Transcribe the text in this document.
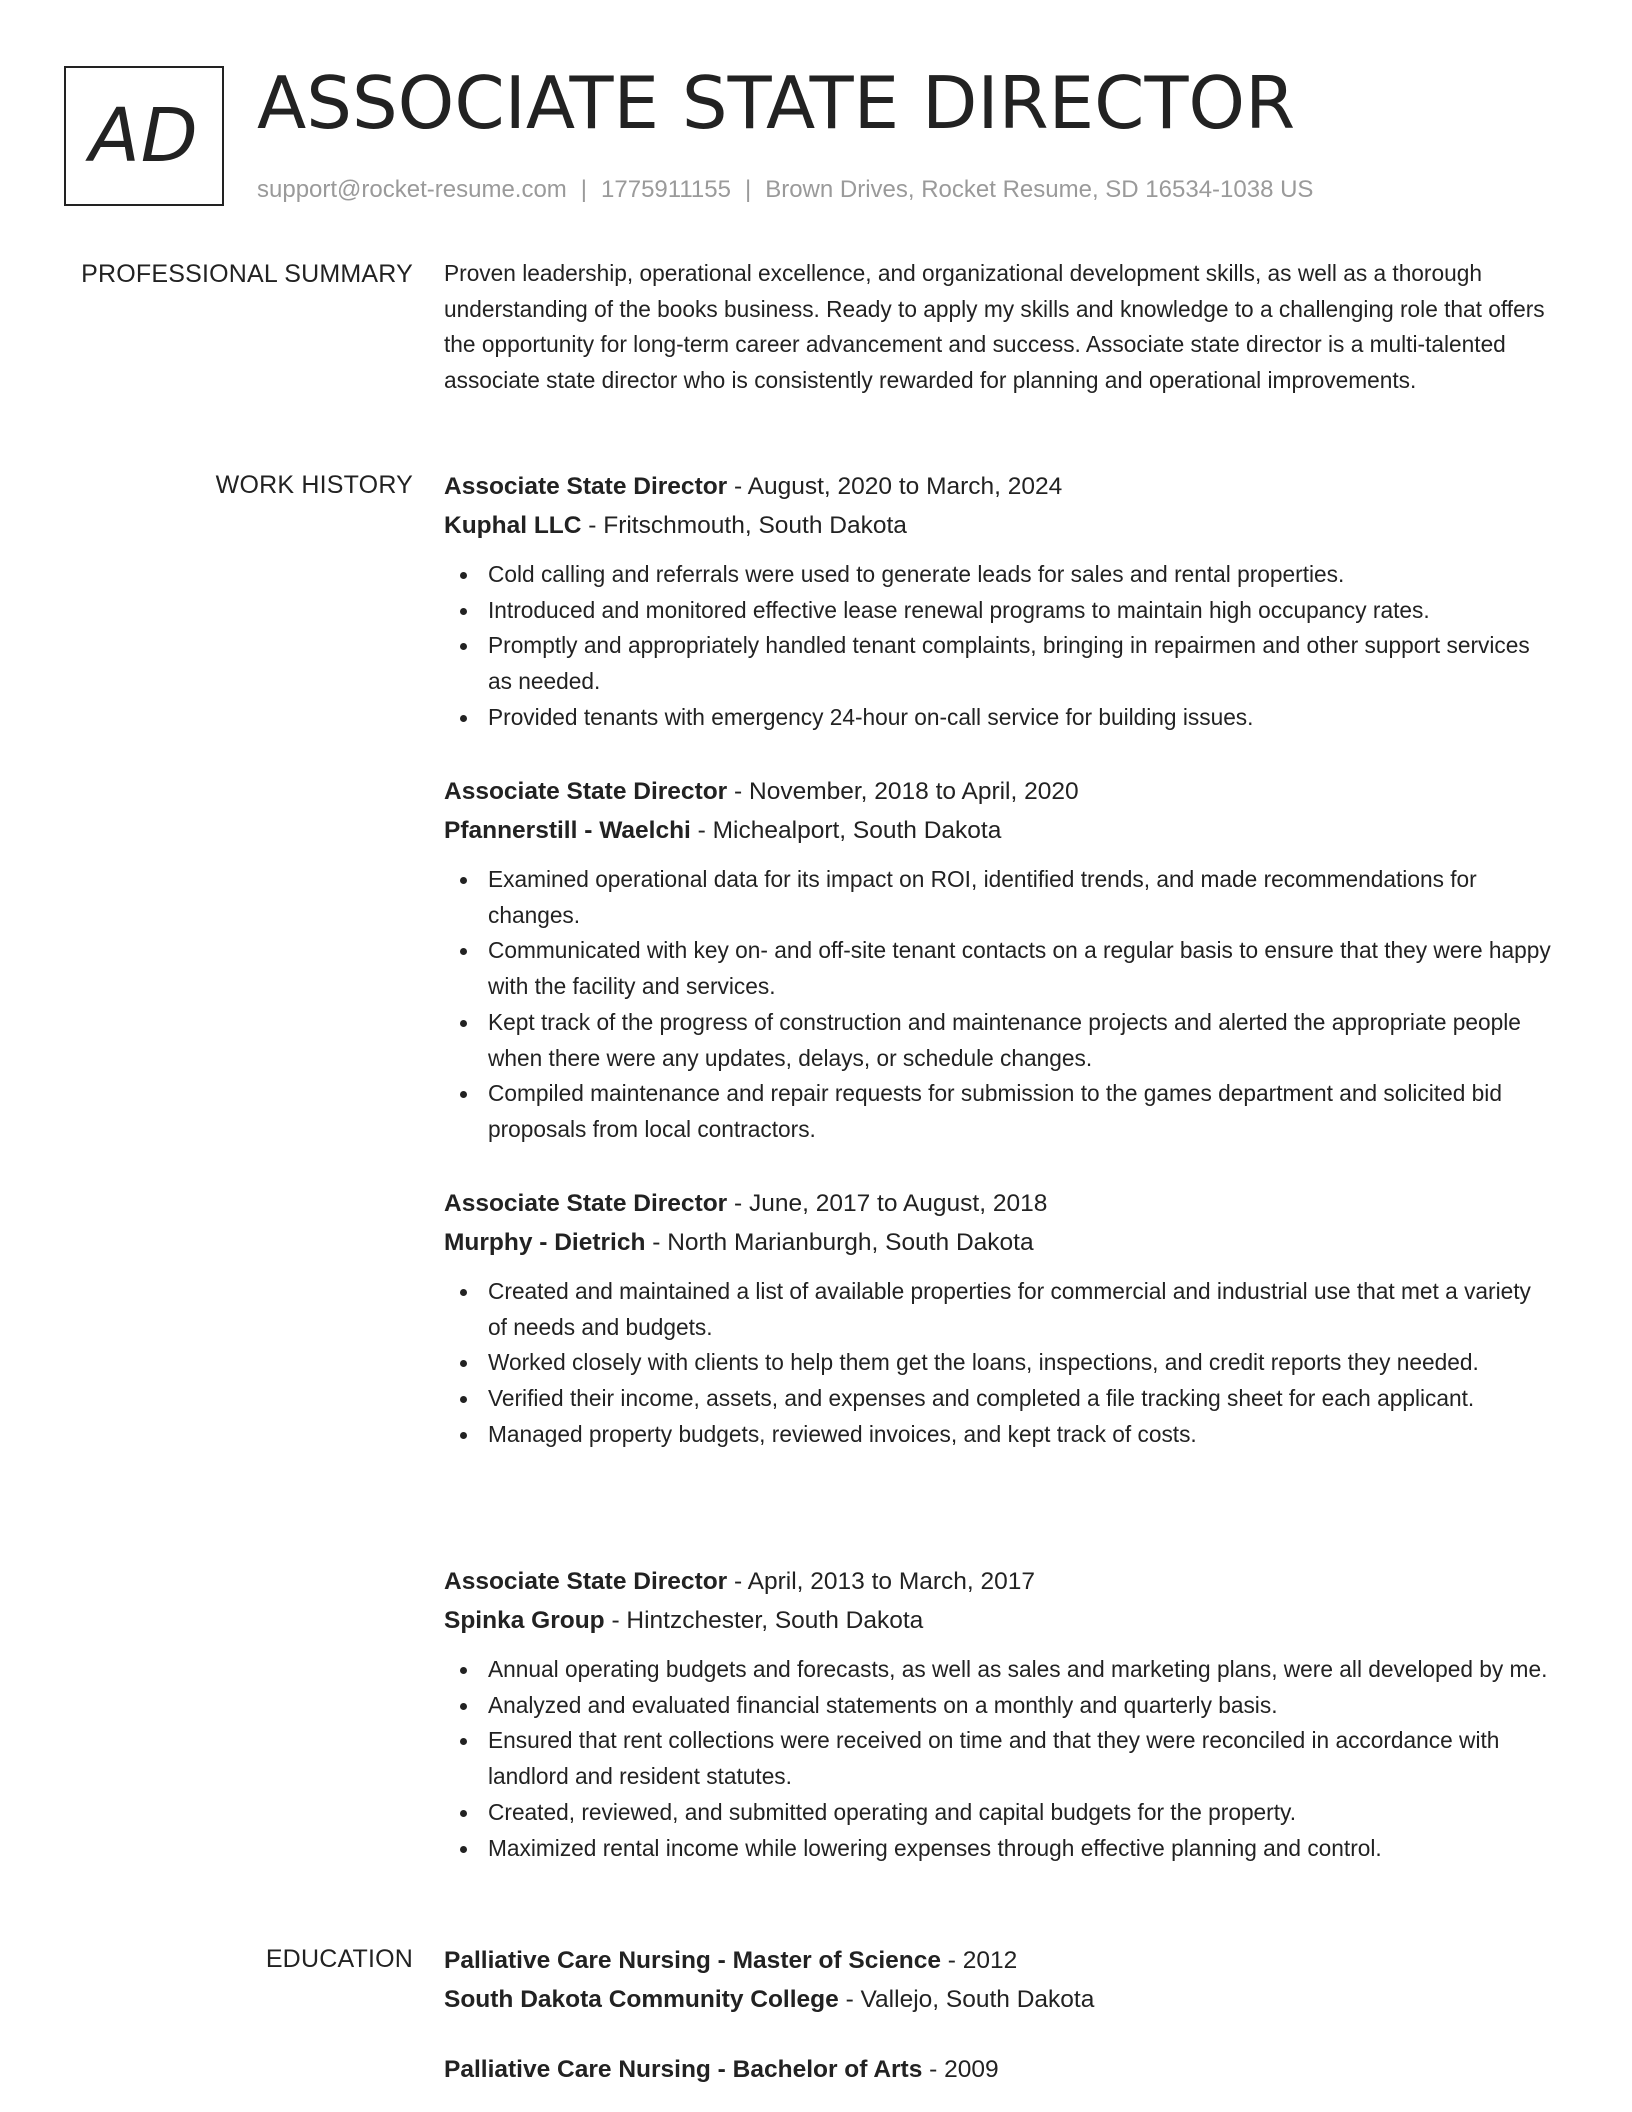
AD ASSOCIATE STATE DIRECTOR
support@rocket-resume.com | 1775911155 | Brown Drives, Rocket Resume, SD 16534-1038 US
PROFESSIONAL SUMMARY Proven leadership, operational excellence, and organizational development skills, as well as a thorough understanding of the books business. Ready to apply my skills and knowledge to a challenging role that offers the opportunity for long-term career advancement and success. Associate state director is a multi-talented associate state director who is consistently rewarded for planning and operational improvements.

WORK HISTORY Associate State Director - August, 2020 to March, 2024
Kuphal LLC - Fritschmouth, South Dakota
Cold calling and referrals were used to generate leads for sales and rental properties.
Introduced and monitored effective lease renewal programs to maintain high occupancy rates.
Promptly and appropriately handled tenant complaints, bringing in repairmen and other support services as needed.
Provided tenants with emergency 24-hour on-call service for building issues.
Associate State Director - November, 2018 to April, 2020
Pfannerstill - Waelchi - Michealport, South Dakota
Examined operational data for its impact on ROI, identified trends, and made recommendations for changes.
Communicated with key on- and off-site tenant contacts on a regular basis to ensure that they were happy with the facility and services.
Kept track of the progress of construction and maintenance projects and alerted the appropriate people when there were any updates, delays, or schedule changes.
Compiled maintenance and repair requests for submission to the games department and solicited bid proposals from local contractors.
Associate State Director - June, 2017 to August, 2018
Murphy - Dietrich - North Marianburgh, South Dakota
Created and maintained a list of available properties for commercial and industrial use that met a variety of needs and budgets.
Worked closely with clients to help them get the loans, inspections, and credit reports they needed.
Verified their income, assets, and expenses and completed a file tracking sheet for each applicant.
Managed property budgets, reviewed invoices, and kept track of costs.
Associate State Director - April, 2013 to March, 2017
Spinka Group - Hintzchester, South Dakota
Annual operating budgets and forecasts, as well as sales and marketing plans, were all developed by me.
Analyzed and evaluated financial statements on a monthly and quarterly basis.
Ensured that rent collections were received on time and that they were reconciled in accordance with landlord and resident statutes.
Created, reviewed, and submitted operating and capital budgets for the property.
Maximized rental income while lowering expenses through effective planning and control.
EDUCATION Palliative Care Nursing - Master of Science - 2012
South Dakota Community College - Vallejo, South Dakota
Palliative Care Nursing - Bachelor of Arts - 2009
